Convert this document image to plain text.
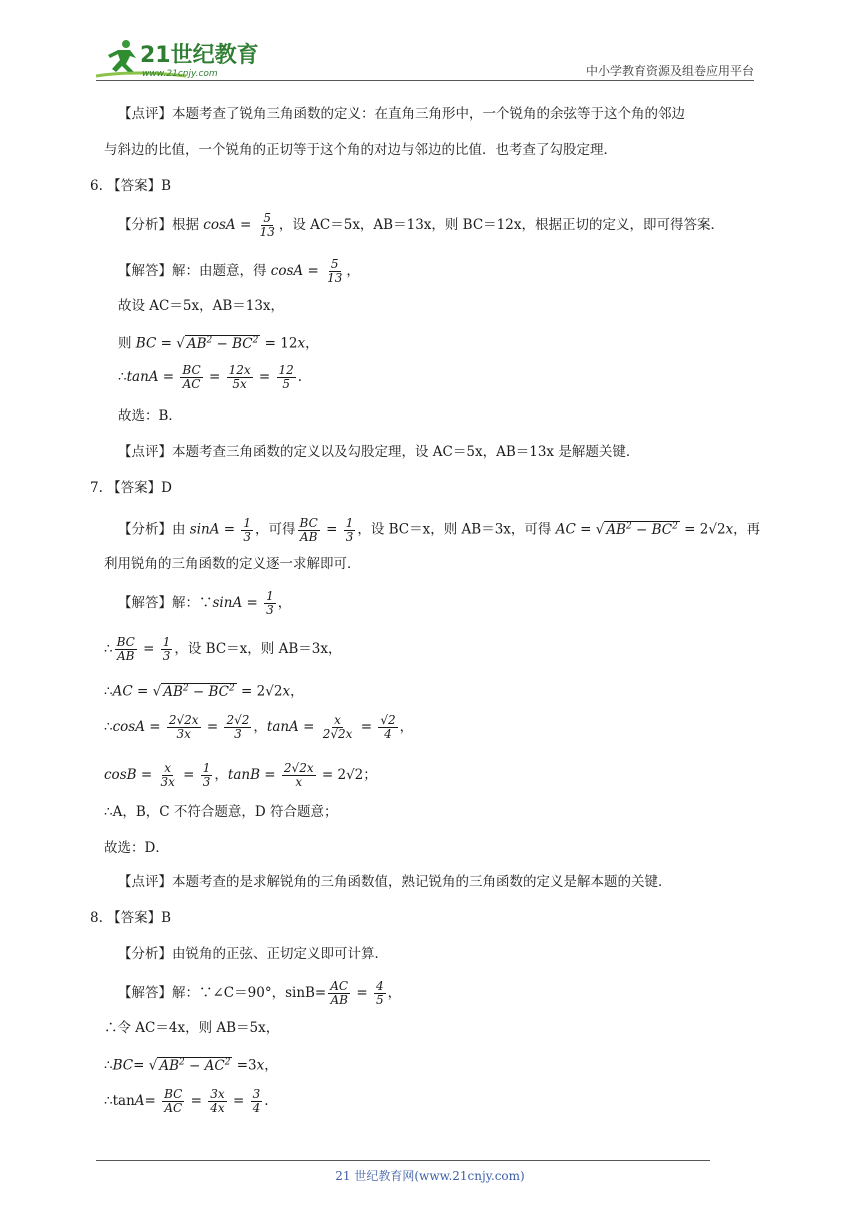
21世纪教育
www.21cnjy.com	中小学教育资源及组卷应用平台
【点评】本题考查了锐角三角函数的定义：在直角三角形中，一个锐角的余弦等于这个角的邻边
与斜边的比值，一个锐角的正切等于这个角的对边与邻边的比值．也考查了勾股定理．
6. 【答案】B
【分析】根据 $\cos A = \frac{5}{13}$ ，设 AC＝5x，AB＝13x，则 BC＝12x，根据正切的定义，即可得答案．
【解答】解：由题意，得 $\cos A = \frac{5}{13}$ ，
故设 AC＝5x，AB＝13x，
则 BC = √ $AB^2 - BC^2 = 12x$，
∴tanA = $\frac{BC}{AC} = \frac{12x}{5x} = \frac{12}{5}$ .
故选：B．
【点评】本题考查三角函数的定义以及勾股定理，设 AC＝5x，AB＝13x 是解题关键．
7. 【答案】D
【分析】由 $\sin A = \frac{1}{3}$ ，可得 $\frac{BC}{AB} = \frac{1}{3}$ ，设 BC＝x，则 AB＝3x，可得 AC = √ $AB^2 - BC^2 = 2√2x$，再
利用锐角的三角函数的定义逐一求解即可．
【解答】解：∵sinA = $\frac{1}{3}$ ，
∴ $\frac{BC}{AB} = \frac{1}{3}$ ，设 BC＝x，则 AB＝3x，
∴AC = √ $AB^2 - BC^2 = 2√2x$，
∴cosA = $\frac{2√2x}{3x} = \frac{2√2}{3}$ ，$\tan A = \frac{x}{2√2x} = \frac{√2}{4}$ ，
$\cos B = \frac{x}{3x} = \frac{1}{3}$ ，$\tan B = \frac{2√2x}{x} = 2√2$；
∴A，B，C 不符合题意，D 符合题意；
故选：D．
【点评】本题考查的是求解锐角的三角函数值，熟记锐角的三角函数的定义是解本题的关键．
8. 【答案】B
【分析】由锐角的正弦、正切定义即可计算．
【解答】解：∵∠C＝90°，$\sin B= \frac{AC}{AB} = \frac{4}{5}$ ，
∴令 AC＝4x，则 AB＝5x，
∴BC= √ $AB^2 - AC^2 =3x$，
∴tanA= $\frac{BC}{AC} = \frac{3x}{4x} = \frac{3}{4}$ .
21 世纪教育网(www.21cnjy.com)
